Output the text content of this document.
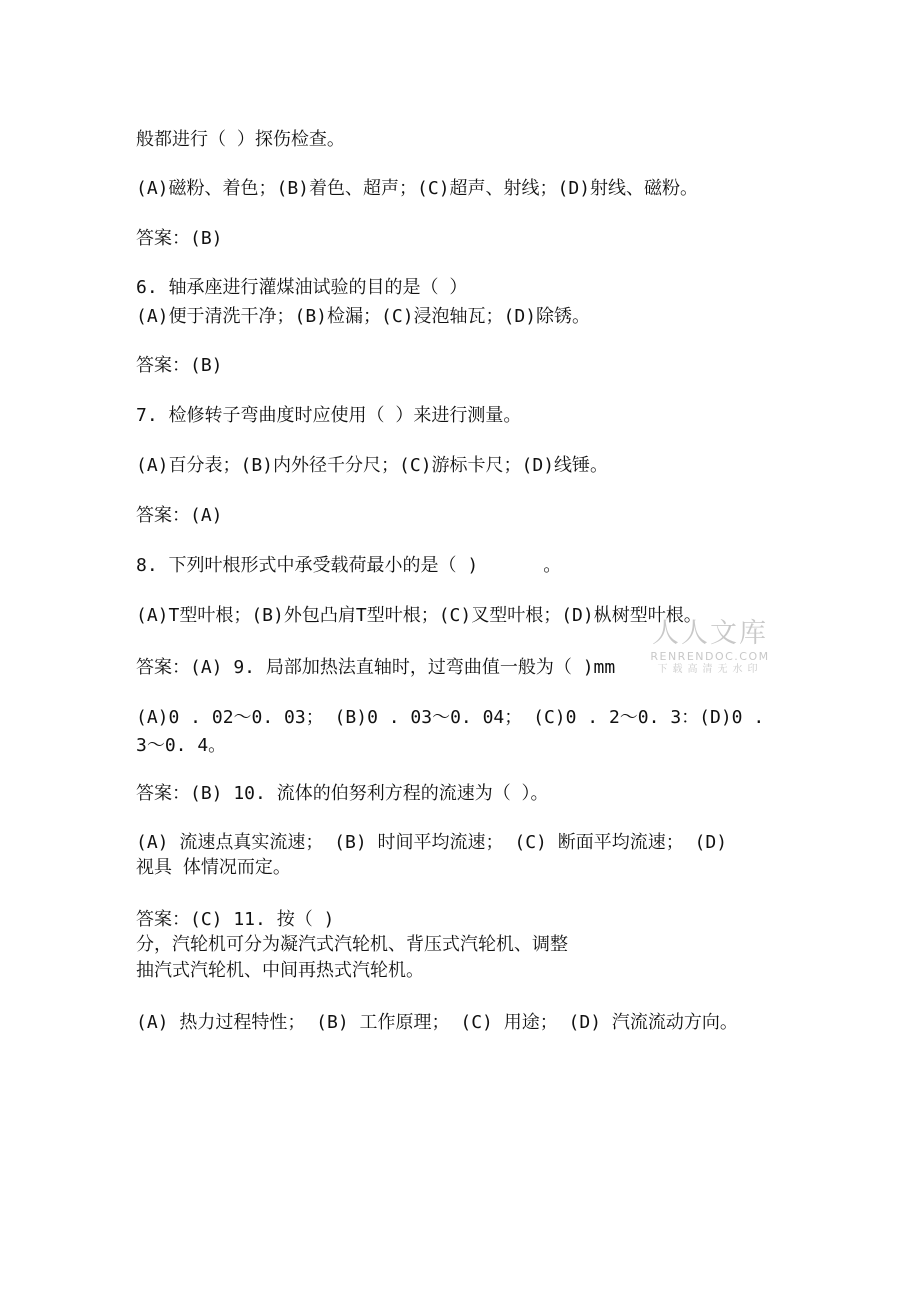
般都进行（ ）探伤检查。
(A)磁粉、着色；(B)着色、超声；(C)超声、射线；(D)射线、磁粉。
答案：(B)
6. 轴承座进行灌煤油试验的目的是（ ）
(A)便于清洗干净；(B)检漏；(C)浸泡轴瓦；(D)除锈。
答案：(B)
7. 检修转子弯曲度时应使用（ ）来进行测量。
(A)百分表；(B)内外径千分尺；(C)游标卡尺；(D)线锤。
答案：(A)
8. 下列叶根形式中承受载荷最小的是（ )      。
(A)T型叶根；(B)外包凸肩T型叶根；(C)叉型叶根；(D)枞树型叶根。
答案：(A) 9. 局部加热法直轴时，过弯曲值一般为（ )mm
(A)0 . 02～0. 03； (B)0 . 03～0. 04； (C)0 . 2～0. 3：(D)0 .
3～0. 4。
答案：(B) 10. 流体的伯努利方程的流速为（ ）。
(A) 流速点真实流速； (B) 时间平均流速； (C) 断面平均流速； (D)
视具 体情况而定。
答案：(C) 11. 按（ )
分，汽轮机可分为凝汽式汽轮机、背压式汽轮机、调整
抽汽式汽轮机、中间再热式汽轮机。
(A) 热力过程特性； (B) 工作原理； (C) 用途； (D) 汽流流动方向。
人人文库
RENRENDOC.COM
下载高清无水印
